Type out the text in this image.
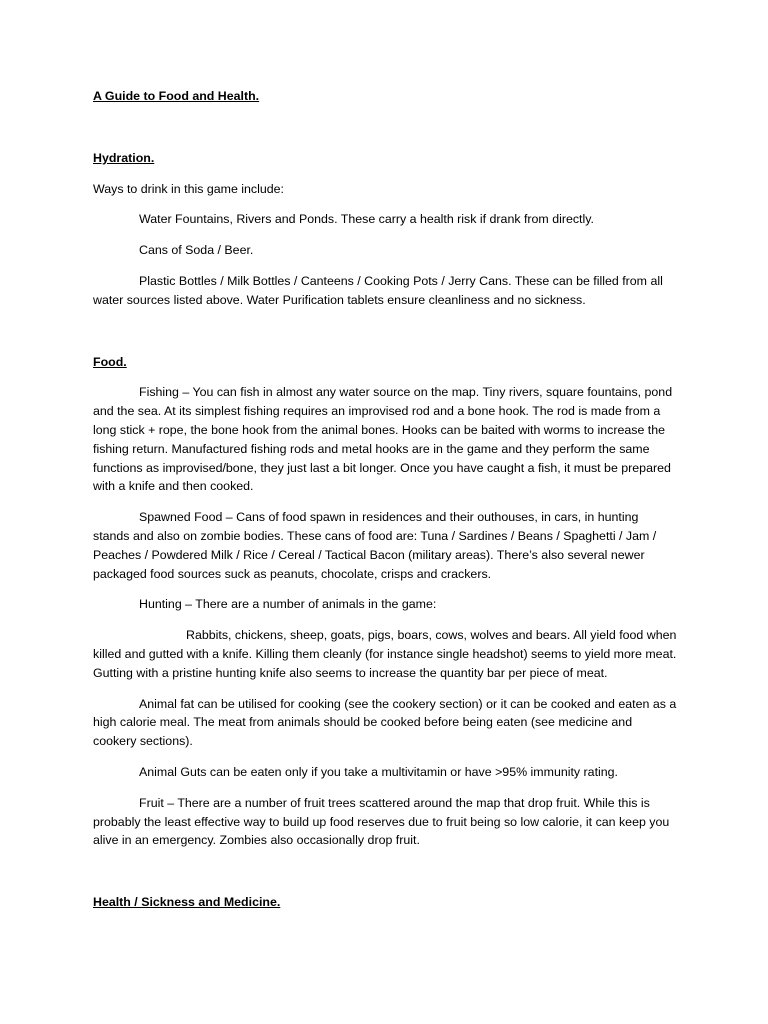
A Guide to Food and Health.

Hydration.

Ways to drink in this game include:

Water Fountains, Rivers and Ponds. These carry a health risk if drank from directly.

Cans of Soda / Beer.

Plastic Bottles / Milk Bottles / Canteens / Cooking Pots / Jerry Cans. These can be filled from all water sources listed above. Water Purification tablets ensure cleanliness and no sickness.

Food.

Fishing – You can fish in almost any water source on the map. Tiny rivers, square fountains, pond and the sea. At its simplest fishing requires an improvised rod and a bone hook. The rod is made from a long stick + rope, the bone hook from the animal bones. Hooks can be baited with worms to increase the fishing return. Manufactured fishing rods and metal hooks are in the game and they perform the same functions as improvised/bone, they just last a bit longer. Once you have caught a fish, it must be prepared with a knife and then cooked.

Spawned Food – Cans of food spawn in residences and their outhouses, in cars, in hunting stands and also on zombie bodies. These cans of food are: Tuna / Sardines / Beans / Spaghetti / Jam / Peaches / Powdered Milk / Rice / Cereal / Tactical Bacon (military areas). There’s also several newer packaged food sources suck as peanuts, chocolate, crisps and crackers.

Hunting – There are a number of animals in the game:

Rabbits, chickens, sheep, goats, pigs, boars, cows, wolves and bears. All yield food when killed and gutted with a knife. Killing them cleanly (for instance single headshot) seems to yield more meat. Gutting with a pristine hunting knife also seems to increase the quantity bar per piece of meat.

Animal fat can be utilised for cooking (see the cookery section) or it can be cooked and eaten as a high calorie meal. The meat from animals should be cooked before being eaten (see medicine and cookery sections).

Animal Guts can be eaten only if you take a multivitamin or have >95% immunity rating.

Fruit – There are a number of fruit trees scattered around the map that drop fruit. While this is probably the least effective way to build up food reserves due to fruit being so low calorie, it can keep you alive in an emergency. Zombies also occasionally drop fruit.

Health / Sickness and Medicine.
